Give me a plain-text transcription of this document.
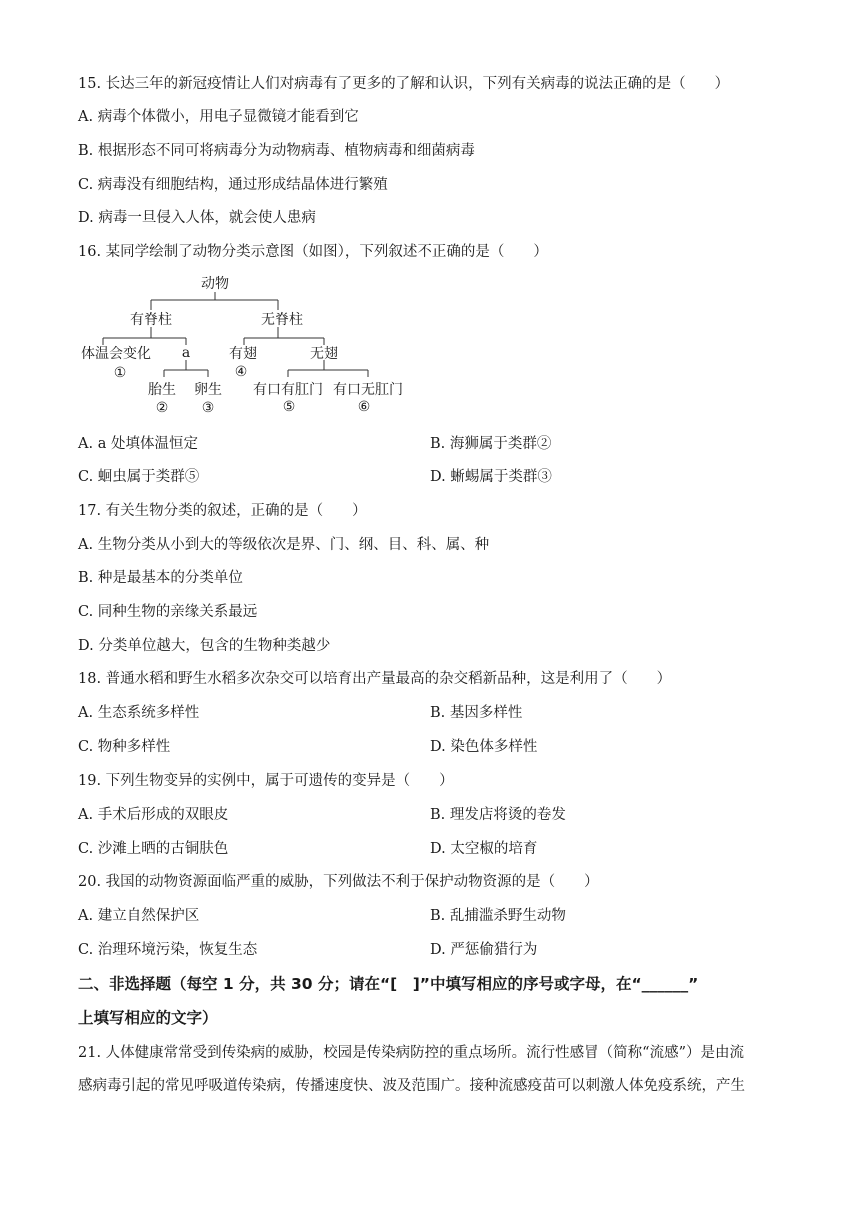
15. 长达三年的新冠疫情让人们对病毒有了更多的了解和认识，下列有关病毒的说法正确的是（　　）
A. 病毒个体微小，用电子显微镜才能看到它
B. 根据形态不同可将病毒分为动物病毒、植物病毒和细菌病毒
C. 病毒没有细胞结构，通过形成结晶体进行繁殖
D. 病毒一旦侵入人体，就会使人患病
16. 某同学绘制了动物分类示意图（如图），下列叙述不正确的是（　　）
动物
有脊柱	无脊柱
体温会变化
①
a
胎生
②
卵生
③
有翅
④
无翅
有口有肛门
⑤
有口无肛门
⑥
A. a 处填体温恒定	B. 海狮属于类群②
C. 蛔虫属于类群⑤	D. 蜥蜴属于类群③
17. 有关生物分类的叙述，正确的是（　　）
A. 生物分类从小到大的等级依次是界、门、纲、目、科、属、种
B. 种是最基本的分类单位
C. 同种生物的亲缘关系最远
D. 分类单位越大，包含的生物种类越少
18. 普通水稻和野生水稻多次杂交可以培育出产量最高的杂交稻新品种，这是利用了（　　）
A. 生态系统多样性	B. 基因多样性
C. 物种多样性	D. 染色体多样性
19. 下列生物变异的实例中，属于可遗传的变异是（　　）
A. 手术后形成的双眼皮	B. 理发店将烫的卷发
C. 沙滩上晒的古铜肤色	D. 太空椒的培育
20. 我国的动物资源面临严重的威胁，下列做法不利于保护动物资源的是（　　）
A. 建立自然保护区	B. 乱捕滥杀野生动物
C. 治理环境污染，恢复生态	D. 严惩偷猎行为
二、非选择题（每空 1 分，共 30 分；请在“[　]”中填写相应的序号或字母，在“______”
上填写相应的文字）
21. 人体健康常常受到传染病的威胁，校园是传染病防控的重点场所。流行性感冒（简称“流感”）是由流
感病毒引起的常见呼吸道传染病，传播速度快、波及范围广。接种流感疫苗可以刺激人体免疫系统，产生
